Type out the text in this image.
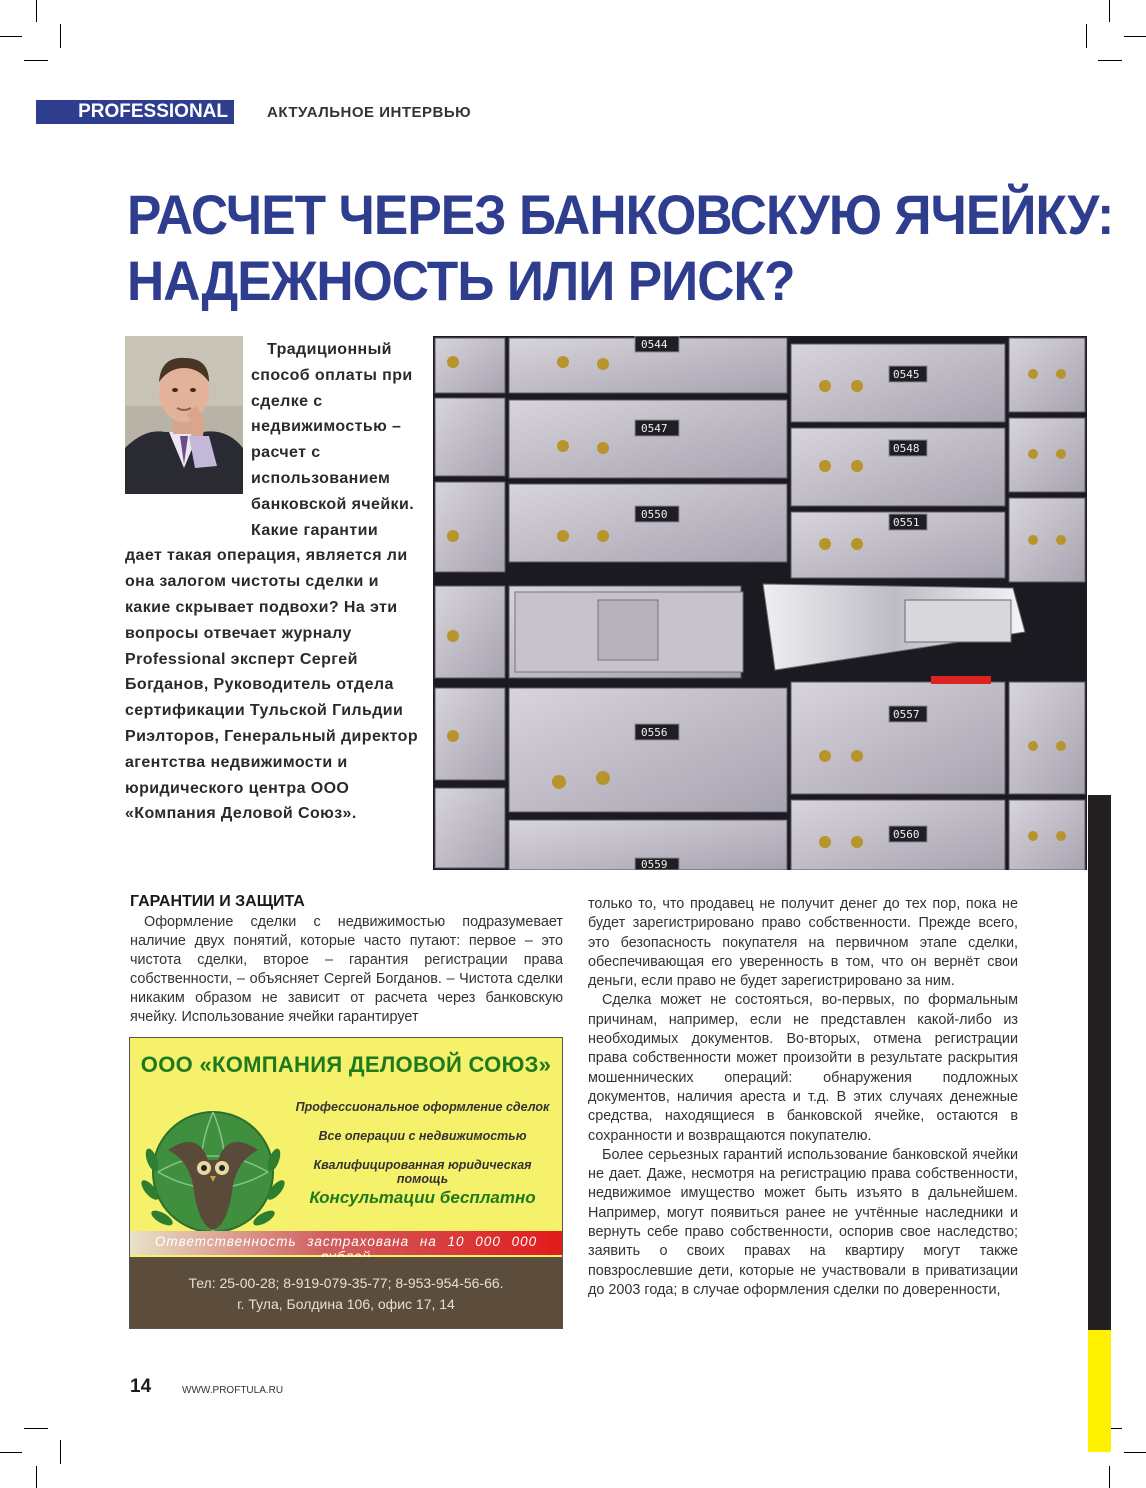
PROFESSIONAL	АКТУАЛЬНОЕ ИНТЕРВЬЮ
РАСЧЕТ ЧЕРЕЗ БАНКОВСКУЮ ЯЧЕЙКУ:
НАДЕЖНОСТЬ ИЛИ РИСК?
Традиционный способ оплаты при сделке с недвижимостью – расчет с использованием банковской ячейки. Какие гарантии дает такая операция, является ли она залогом чистоты сделки и какие скрывает подвохи? На эти вопросы отвечает журналу Professional эксперт Сергей Богданов, Руководитель отдела сертификации Тульской Гильдии Риэлторов, Генеральный директор агентства недвижимости и юридического центра ООО «Компания Деловой Союз».
0544
0545
0547
0548
0550
0551
0556
0557
0559
0560
ГАРАНТИИ И ЗАЩИТА

Оформление сделки с недвижимостью подразумевает наличие двух понятий, которые часто путают: первое – это чистота сделки, второе – гарантия регистрации права собственности, – объясняет Сергей Богданов. – Чистота сделки никаким образом не зависит от расчета через банковскую ячейку. Использование ячейки гарантирует

только то, что продавец не получит денег до тех пор, пока не будет зарегистрировано право собственности. Прежде всего, это безопасность покупателя на первичном этапе сделки, обеспечивающая его уверенность в том, что он вернёт свои деньги, если право не будет зарегистрировано за ним.

Сделка может не состояться, во-первых, по формальным причинам, например, если не представлен какой-либо из необходимых документов. Во-вторых, отмена регистрации права собственности может произойти в результате раскрытия мошеннических операций: обнаружения подложных документов, наличия ареста и т.д. В этих случаях денежные средства, находящиеся в банковской ячейке, остаются в сохранности и возвращаются покупателю.

Более серьезных гарантий использование банковской ячейки не дает. Даже, несмотря на регистрацию права собственности, недвижимое имущество может быть изъято в дальнейшем. Например, могут появиться ранее не учтённые наследники и вернуть себе право собственности, оспорив свое наследство; заявить о своих правах на квартиру могут также повзрослевшие дети, которые не участвовали в приватизации до 2003 года; в случае оформления сделки по доверенности,

ООО «КОМПАНИЯ ДЕЛОВОЙ СОЮЗ»
Профессиональное оформление сделок
Все операции с недвижимостью
Квалифицированная юридическая помощь
Консультации бесплатно
Ответственность застрахована на 10 000 000
Тел: 25-00-28; 8-919-079-35-77; 8-953-954-56-66.
г. Тула, Болдина 106, офис 17, 14
14	WWW.PROFTULA.RU
